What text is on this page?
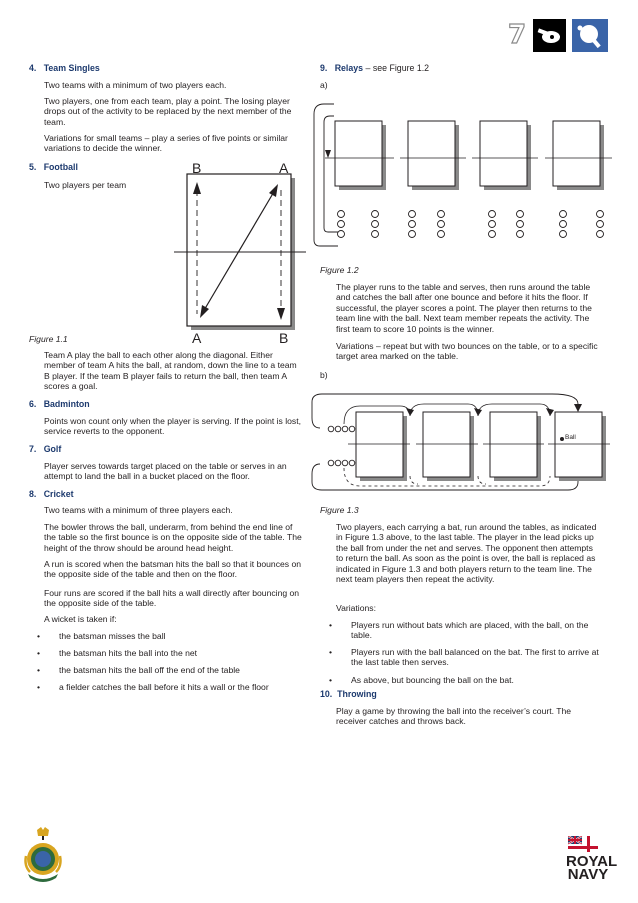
7
4. Team Singles
Two teams with a minimum of two players each.
Two players, one from each team, play a point. The losing player drops out of the activity to be replaced by the next member of the team.
Variations for small teams – play a series of five points or similar variations to decide the winner.
5. Football
Two players per team
B	A
A	B
Figure 1.1
Team A play the ball to each other along the diagonal. Either member of team A hits the ball, at random, down the line to a team B player. If the team B player fails to return the ball, then team A scores a goal.
6. Badminton
Points won count only when the player is serving. If the point is lost, service reverts to the opponent.
7. Golf
Player serves towards target placed on the table or serves in an attempt to land the ball in a bucket placed on the floor.
8. Cricket
Two teams with a minimum of three players each.
The bowler throws the ball, underarm, from behind the end line of the table so the first bounce is on the opposite side of the table. The height of the throw should be around head height.
A run is scored when the batsman hits the ball so that it bounces on the opposite side of the table and then on the floor.
Four runs are scored if the ball hits a wall directly after bouncing on the opposite side of the table.
A wicket is taken if:
• the batsman misses the ball
• the batsman hits the ball into the net
• the batsman hits the ball off the end of the table
• a fielder catches the ball before it hits a wall or the floor
9. Relays – see Figure 1.2
a)
Figure 1.2
The player runs to the table and serves, then runs around the table and catches the ball after one bounce and before it hits the floor. If successful, the player scores a point. The player then returns to the team line with the ball. Next team member repeats the activity. The first team to score 10 points is the winner.
Variations – repeat but with two bounces on the table, or to a specific target area marked on the table.
b)
Ball
Figure 1.3
Two players, each carrying a bat, run around the tables, as indicated in Figure 1.3 above, to the last table. The player in the lead picks up the ball from under the net and serves. The opponent then attempts to return the ball. As soon as the point is over, the ball is replaced as indicated in Figure 1.3 and both players return to the team line. The next team players then repeat the activity.
Variations:
• Players run without bats which are placed, with the ball, on the table.
• Players run with the ball balanced on the bat. The first to arrive at the last table then serves.
• As above, but bouncing the ball on the bat.
10. Throwing
Play a game by throwing the ball into the receiver’s court. The receiver catches and throws back.
ROYAL
NAVY
